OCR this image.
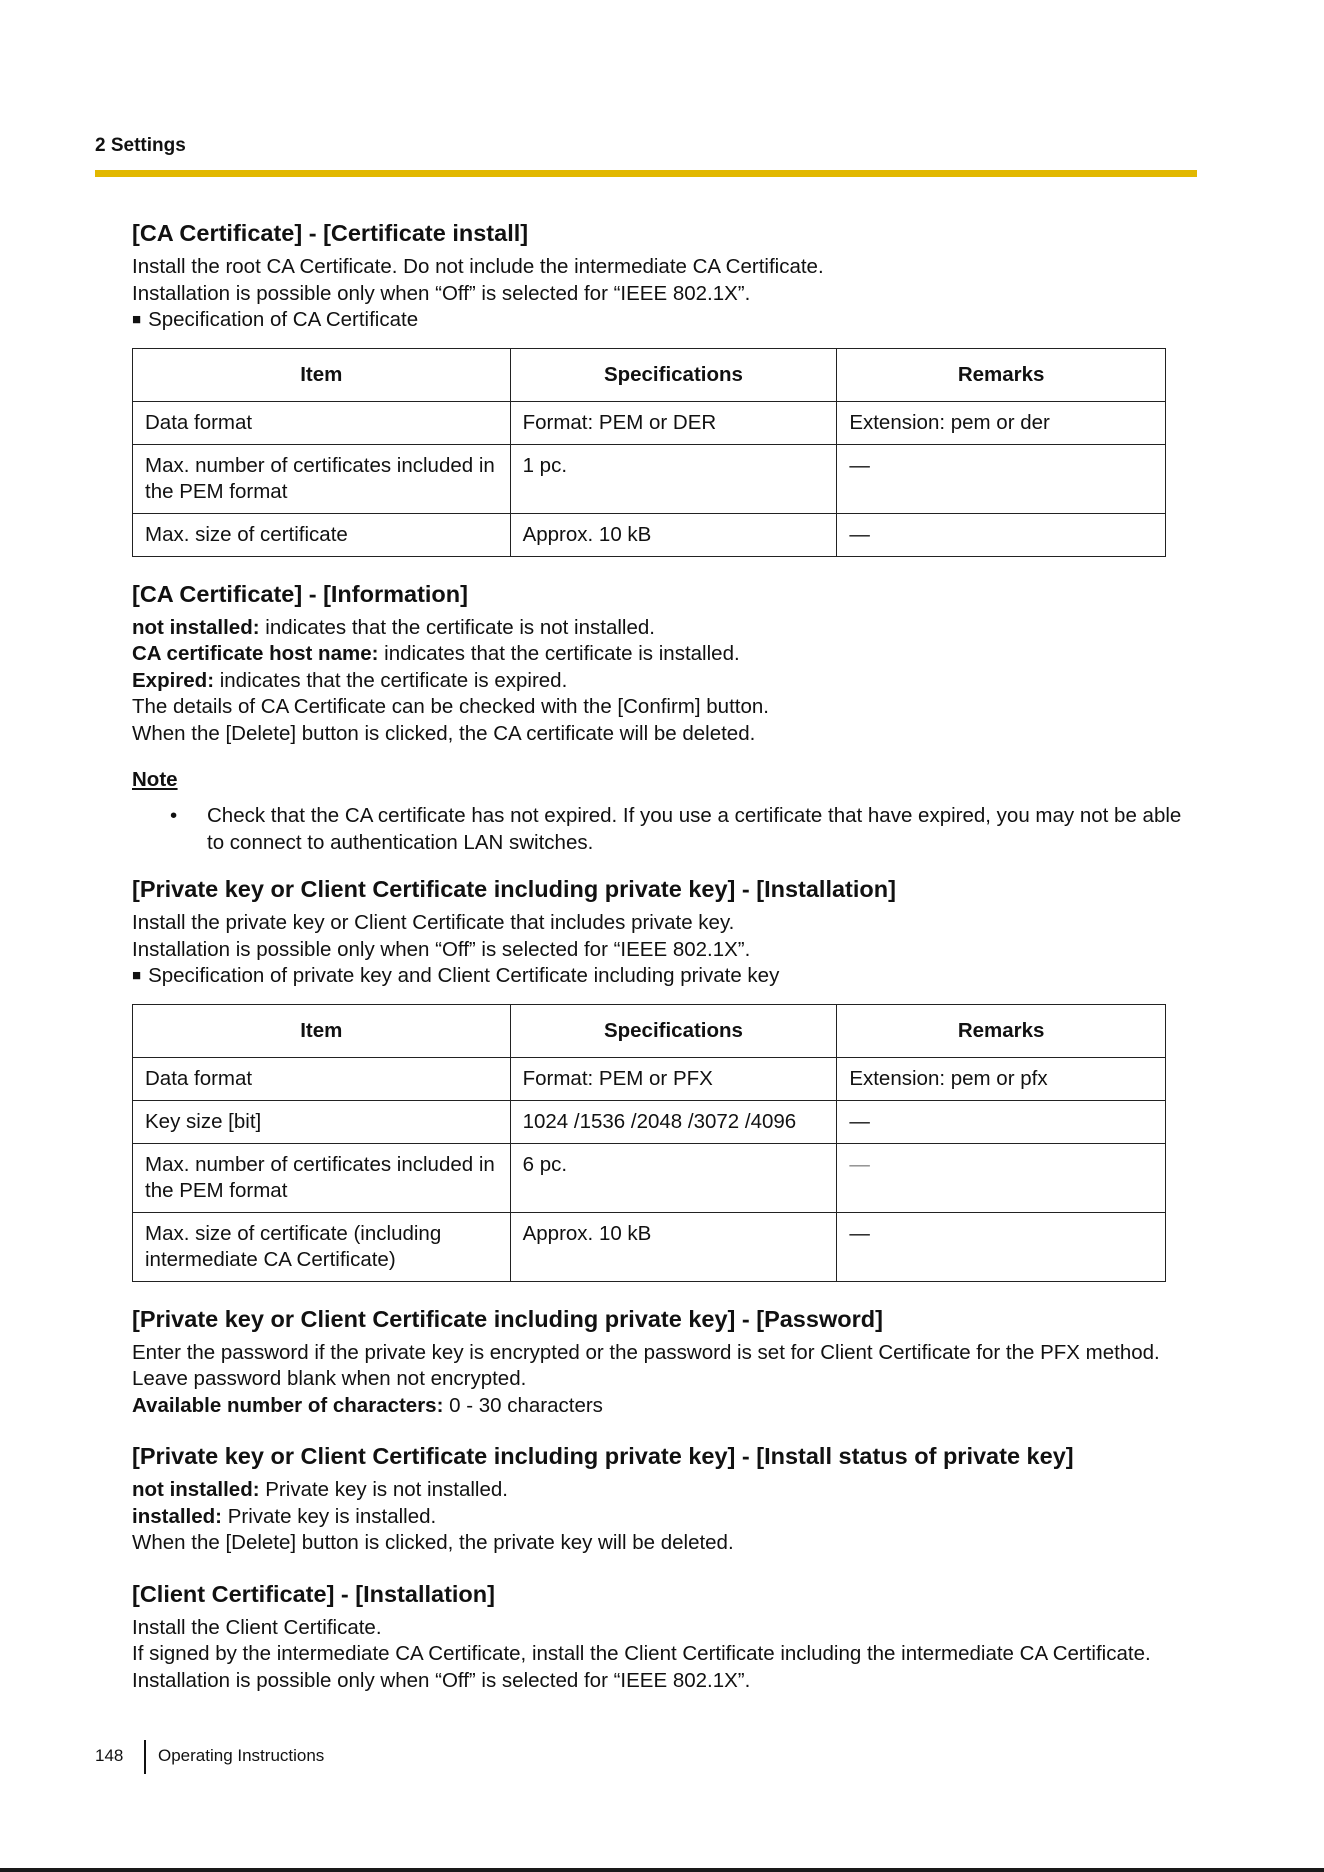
2 Settings
[CA Certificate] - [Certificate install]

Install the root CA Certificate. Do not include the intermediate CA Certificate.

Installation is possible only when “Off” is selected for “IEEE 802.1X”.

■ Specification of CA Certificate

Item	Specifications	Remarks
Data format	Format: PEM or DER	Extension: pem or der
Max. number of certificates included in the PEM format	1 pc.	—
Max. size of certificate	Approx. 10 kB	—
[CA Certificate] - [Information]

not installed: indicates that the certificate is not installed.

CA certificate host name: indicates that the certificate is installed.

Expired: indicates that the certificate is expired.

The details of CA Certificate can be checked with the [Confirm] button.

When the [Delete] button is clicked, the CA certificate will be deleted.

Note
• Check that the CA certificate has not expired. If you use a certificate that have expired, you may not be able to connect to authentication LAN switches.
[Private key or Client Certificate including private key] - [Installation]

Install the private key or Client Certificate that includes private key.

Installation is possible only when “Off” is selected for “IEEE 802.1X”.

■ Specification of private key and Client Certificate including private key

Item	Specifications	Remarks
Data format	Format: PEM or PFX	Extension: pem or pfx
Key size [bit]	1024 /1536 /2048 /3072 /4096	—
Max. number of certificates included in the PEM format	6 pc.	—
Max. size of certificate (including intermediate CA Certificate)	Approx. 10 kB	—
[Private key or Client Certificate including private key] - [Password]

Enter the password if the private key is encrypted or the password is set for Client Certificate for the PFX method. Leave password blank when not encrypted.

Available number of characters: 0 - 30 characters

[Private key or Client Certificate including private key] - [Install status of private key]

not installed: Private key is not installed.

installed: Private key is installed.

When the [Delete] button is clicked, the private key will be deleted.

[Client Certificate] - [Installation]

Install the Client Certificate.

If signed by the intermediate CA Certificate, install the Client Certificate including the intermediate CA Certificate.

Installation is possible only when “Off” is selected for “IEEE 802.1X”.

148 Operating Instructions
